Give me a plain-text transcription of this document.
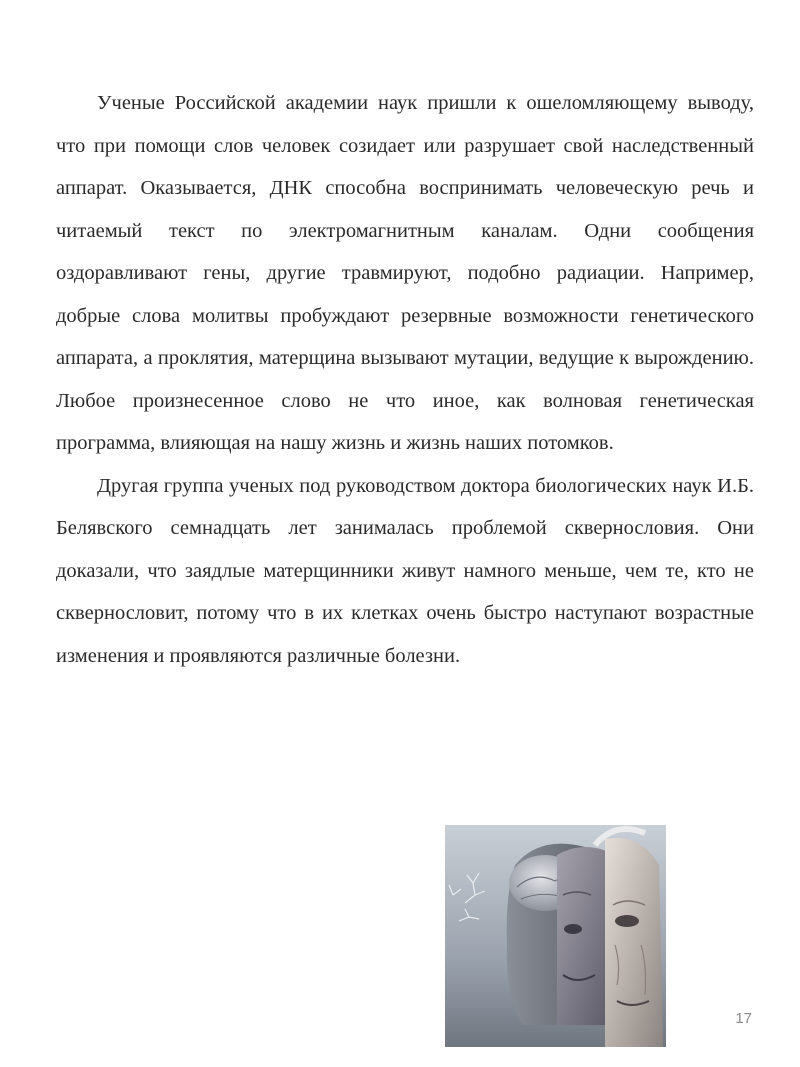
Ученые Российской академии наук пришли к ошеломляющему выводу, что при помощи слов человек созидает или разрушает свой наследственный аппарат. Оказывается, ДНК способна воспринимать человеческую речь и читаемый текст по электромагнитным каналам. Одни сообщения оздоравливают гены, другие травмируют, подобно радиации. Например, добрые слова молитвы пробуждают резервные возможности генетического аппарата, а проклятия, матерщина вызывают мутации, ведущие к вырождению. Любое произнесенное слово не что иное, как волновая генетическая программа, влияющая на нашу жизнь и жизнь наших потомков.

Другая группа ученых под руководством доктора биологических наук И.Б. Белявского семнадцать лет занималась проблемой сквернословия. Они доказали, что заядлые матерщинники живут намного меньше, чем те, кто не сквернословит, потому что в их клетках очень быстро наступают возрастные изменения и проявляются различные болезни.

17
